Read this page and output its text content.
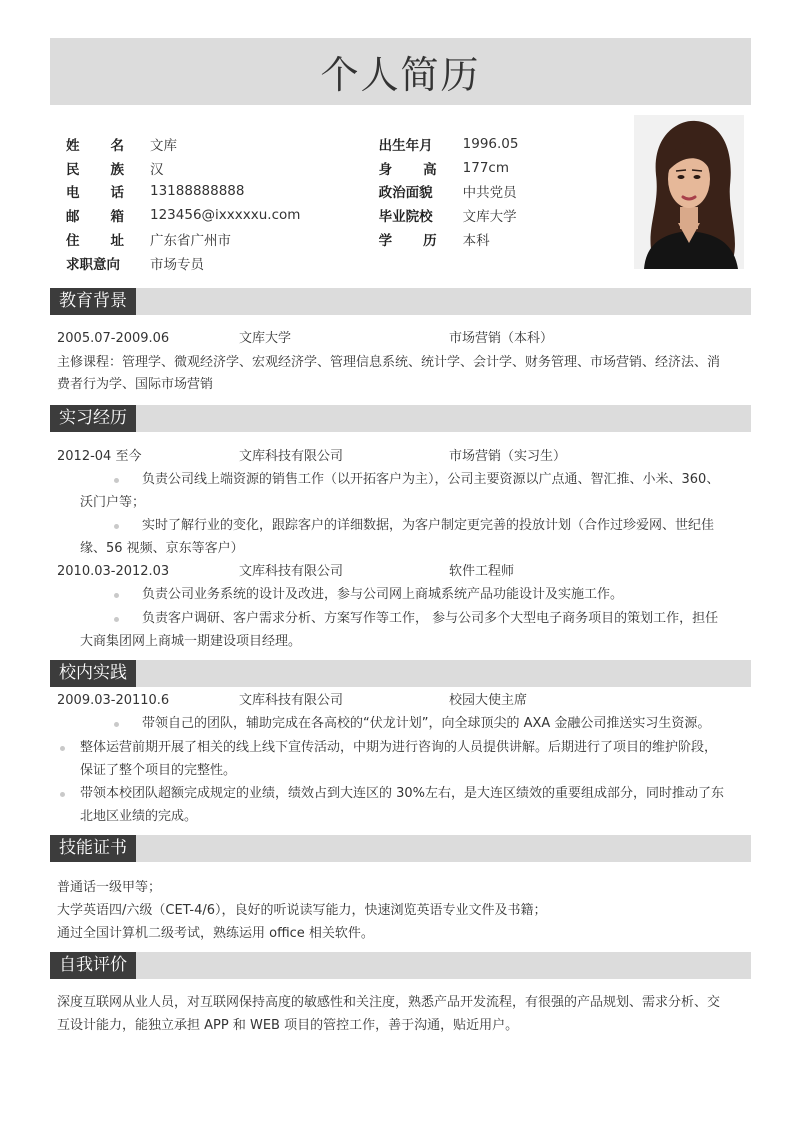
个人简历
姓 名 文库	出生年月	1996.05
民 族 汉	身 高 177cm
电 话 13188888888	政治面貌	中共党员
邮 箱 123456@ixxxxxu.com	毕业院校	文库大学
住 址 广东省广州市	学 历 本科
求职意向	市场专员
教育背景
2005.07-2009.06	文库大学	市场营销（本科）
主修课程：管理学、微观经济学、宏观经济学、管理信息系统、统计学、会计学、财务管理、市场营销、经济法、消
费者行为学、国际市场营销
实习经历
2012-04 至今	文库科技有限公司	市场营销（实习生）
负责公司线上端资源的销售工作（以开拓客户为主），公司主要资源以广点通、智汇推、小米、360、
沃门户等；
实时了解行业的变化，跟踪客户的详细数据，为客户制定更完善的投放计划（合作过珍爱网、世纪佳
缘、56 视频、京东等客户）
2010.03-2012.03	文库科技有限公司	软件工程师
负责公司业务系统的设计及改进，参与公司网上商城系统产品功能设计及实施工作。
负责客户调研、客户需求分析、方案写作等工作， 参与公司多个大型电子商务项目的策划工作，担任
大商集团网上商城一期建设项目经理。
校内实践
2009.03-20110.6	文库科技有限公司	校园大使主席
带领自己的团队，辅助完成在各高校的“伏龙计划”，向全球顶尖的 AXA 金融公司推送实习生资源。
整体运营前期开展了相关的线上线下宣传活动，中期为进行咨询的人员提供讲解。后期进行了项目的维护阶段，
保证了整个项目的完整性。
带领本校团队超额完成规定的业绩，绩效占到大连区的 30%左右，是大连区绩效的重要组成部分，同时推动了东
北地区业绩的完成。
技能证书
普通话一级甲等；
大学英语四/六级（CET-4/6），良好的听说读写能力，快速浏览英语专业文件及书籍；
通过全国计算机二级考试，熟练运用 office 相关软件。
自我评价
深度互联网从业人员，对互联网保持高度的敏感性和关注度，熟悉产品开发流程，有很强的产品规划、需求分析、交
互设计能力，能独立承担 APP 和 WEB 项目的管控工作，善于沟通，贴近用户。
